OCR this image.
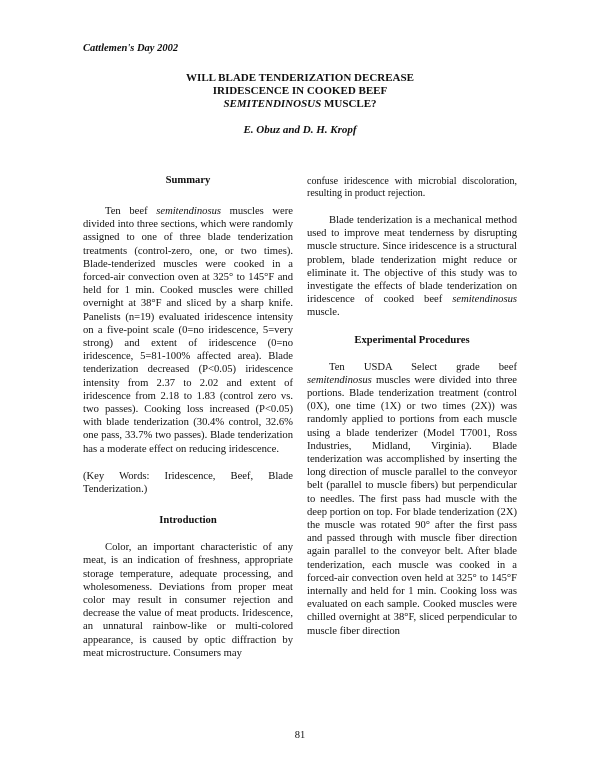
Cattlemen's Day 2002
WILL BLADE TENDERIZATION DECREASE
IRIDESCENCE IN COOKED BEEF
SEMITENDINOSUS MUSCLE?
E. Obuz and D. H. Kropf
Summary

Ten beef semitendinosus muscles were divided into three sections, which were randomly assigned to one of three blade tenderization treatments (control-zero, one, or two times). Blade-tenderized muscles were cooked in a forced-air convection oven at 325° to 145°F and held for 1 min. Cooked muscles were chilled overnight at 38°F and sliced by a sharp knife. Panelists (n=19) evaluated iridescence intensity on a five-point scale (0=no iridescence, 5=very strong) and extent of iridescence (0=no iridescence, 5=81-100% affected area). Blade tenderization decreased (P<0.05) iridescence intensity from 2.37 to 2.02 and extent of iridescence from 2.18 to 1.83 (control zero vs. two passes). Cooking loss increased (P<0.05) with blade tenderization (30.4% control, 32.6% one pass, 33.7% two passes). Blade tenderization has a moderate effect on reducing iridescence.

(Key Words: Iridescence, Beef, Blade Tenderization.)

Introduction

Color, an important characteristic of any meat, is an indication of freshness, appropriate storage temperature, adequate processing, and wholesomeness. Deviations from proper meat color may result in consumer rejection and decrease the value of meat products. Iridescence, an unnatural rainbow-like or multi-colored appearance, is caused by optic diffraction by meat microstructure. Consumers may

confuse iridescence with microbial discoloration, resulting in product rejection.

Blade tenderization is a mechanical method used to improve meat tenderness by disrupting muscle structure. Since iridescence is a structural problem, blade tenderization might reduce or eliminate it. The objective of this study was to investigate the effects of blade tenderization on iridescence of cooked beef semitendinosus muscle.

Experimental Procedures

Ten USDA Select grade beef semitendinosus muscles were divided into three portions. Blade tenderization treatment (control (0X), one time (1X) or two times (2X)) was randomly applied to portions from each muscle using a blade tenderizer (Model T7001, Ross Industries, Midland, Virginia). Blade tenderization was accomplished by inserting the long direction of muscle parallel to the conveyor belt (parallel to muscle fibers) but perpendicular to needles. The first pass had muscle with the deep portion on top. For blade tenderization (2X) the muscle was rotated 90° after the first pass and passed through with muscle fiber direction again parallel to the conveyor belt. After blade tenderization, each muscle was cooked in a forced-air convection oven held at 325° to 145°F internally and held for 1 min. Cooking loss was evaluated on each sample. Cooked muscles were chilled overnight at 38°F, sliced perpendicular to muscle fiber direction

81
